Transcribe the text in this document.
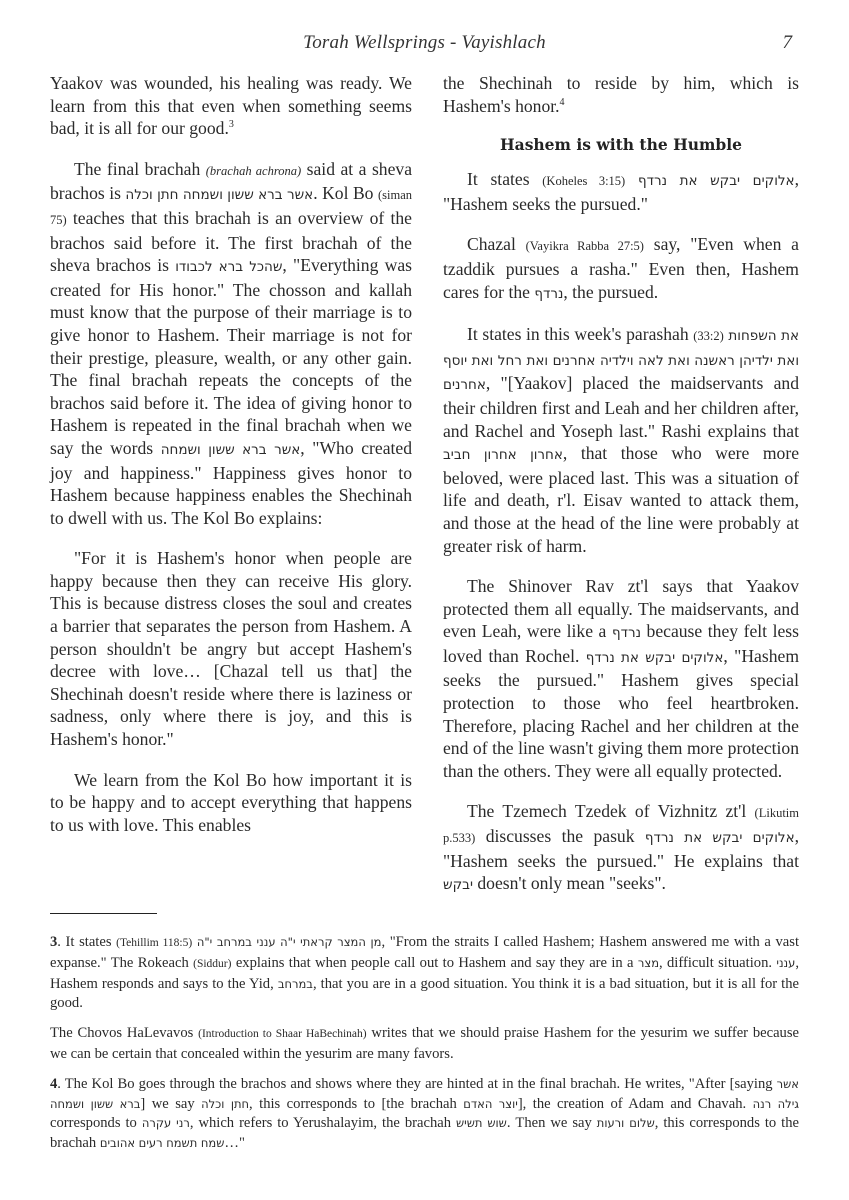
Torah Wellsprings - Vayishlach	7

Yaakov was wounded, his healing was ready. We learn from this that even when something seems bad, it is all for our good.$^3$

The final brachah (brachah achrona) said at a sheva brachos is אשר ברא ששון ושמחה חתן וכלה. Kol Bo (siman 75) teaches that this brachah is an overview of the brachos said before it. The first brachah of the sheva brachos is שהכל ברא לכבודו, "Everything was created for His honor." The chosson and kallah must know that the purpose of their marriage is to give honor to Hashem. Their marriage is not for their prestige, pleasure, wealth, or any other gain. The final brachah repeats the concepts of the brachos said before it. The idea of giving honor to Hashem is repeated in the final brachah when we say the words אשר ברא ששון ושמחה, "Who created joy and happiness." Happiness gives honor to Hashem because happiness enables the Shechinah to dwell with us. The Kol Bo explains:

"For it is Hashem's honor when people are happy because then they can receive His glory. This is because distress closes the soul and creates a barrier that separates the person from Hashem. A person shouldn't be angry but accept Hashem's decree with love… [Chazal tell us that] the Shechinah doesn't reside where there is laziness or sadness, only where there is joy, and this is Hashem's honor."

We learn from the Kol Bo how important it is to be happy and to accept everything that happens to us with love. This enables

the Shechinah to reside by him, which is Hashem's honor.$^4$

Hashem is with the Humble

It states (Koheles 3:15) אלוקים יבקש את נרדף, "Hashem seeks the pursued."

Chazal (Vayikra Rabba 27:5) say, "Even when a tzaddik pursues a rasha." Even then, Hashem cares for the נרדף, the pursued.

It states in this week's parashah (33:2) את השפחות ואת ילדיהן ראשנה ואת לאה וילדיה אחרנים ואת רחל ואת יוסף אחרנים, "[Yaakov] placed the maidservants and their children first and Leah and her children after, and Rachel and Yoseph last." Rashi explains that אחרון אחרון חביב, that those who were more beloved, were placed last. This was a situation of life and death, r'l. Eisav wanted to attack them, and those at the head of the line were probably at greater risk of harm.

The Shinover Rav zt'l says that Yaakov protected them all equally. The maidservants, and even Leah, were like a נרדף because they felt less loved than Rochel. אלוקים יבקש את נרדף, "Hashem seeks the pursued." Hashem gives special protection to those who feel heartbroken. Therefore, placing Rachel and her children at the end of the line wasn't giving them more protection than the others. They were all equally protected.

The Tzemech Tzedek of Vizhnitz zt'l (Likutim p.533) discusses the pasuk אלוקים יבקש את נרדף, "Hashem seeks the pursued." He explains that יבקש doesn't only mean "seeks".

3. It states (Tehillim 118:5) מן המצר קראתי י"ה ענני במרחב י"ה, "From the straits I called Hashem; Hashem answered me with a vast expanse." The Rokeach (Siddur) explains that when people call out to Hashem and say they are in a מצר, difficult situation. ענני, Hashem responds and says to the Yid, במרחב, that you are in a good situation. You think it is a bad situation, but it is all for the good.

The Chovos HaLevavos (Introduction to Shaar HaBechinah) writes that we should praise Hashem for the yesurim we suffer because we can be certain that concealed within the yesurim are many favors.

4. The Kol Bo goes through the brachos and shows where they are hinted at in the final brachah. He writes, "After [saying אשר ברא ששון ושמחה] we say חתן וכלה, this corresponds to [the brachah יוצר האדם], the creation of Adam and Chavah. גילה רנה corresponds to רני עקרה, which refers to Yerushalayim, the brachah שוש תשיש. Then we say שלום ורעות, this corresponds to the brachah שמח תשמח רעים אהובים…"
